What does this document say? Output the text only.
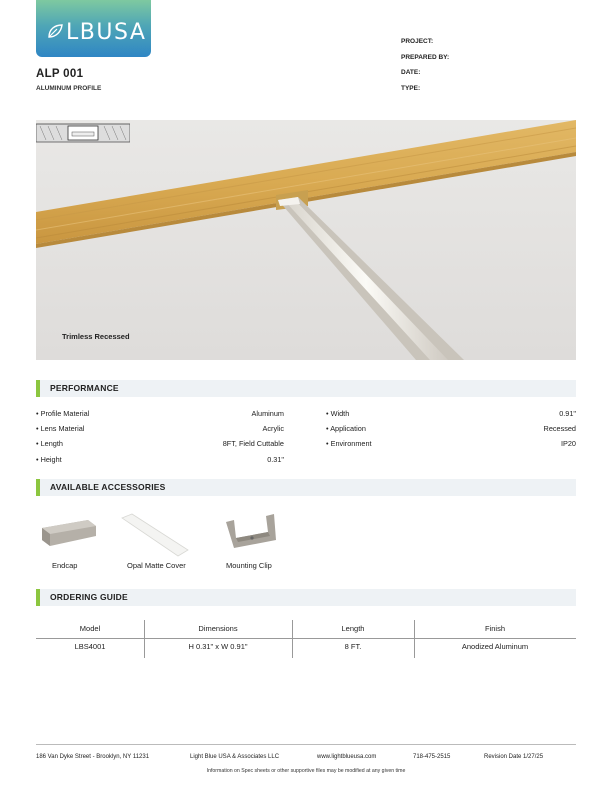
LBUSA
ALP 001
ALUMINUM PROFILE
PROJECT:
PREPARED BY:
DATE:
TYPE:
Trimless Recessed
PERFORMANCE
• Profile Material	Aluminum
• Lens Material	Acrylic
• Length	8FT, Field Cuttable
• Height	0.31"
• Width	0.91"
• Application	Recessed
• Environment	IP20
AVAILABLE ACCESSORIES
Endcap	Opal Matte Cover	Mounting Clip
ORDERING GUIDE
Model	Dimensions	Length	Finish
LBS4001	H 0.31" x W 0.91"	8 FT.	Anodized Aluminum
186 Van Dyke Street - Brooklyn, NY 11231	Light Blue USA & Associates LLC	www.lightblueusa.com	718-475-2515	Revision Date 1/27/25
Information on Spec sheets or other supportive files may be modified at any given time
